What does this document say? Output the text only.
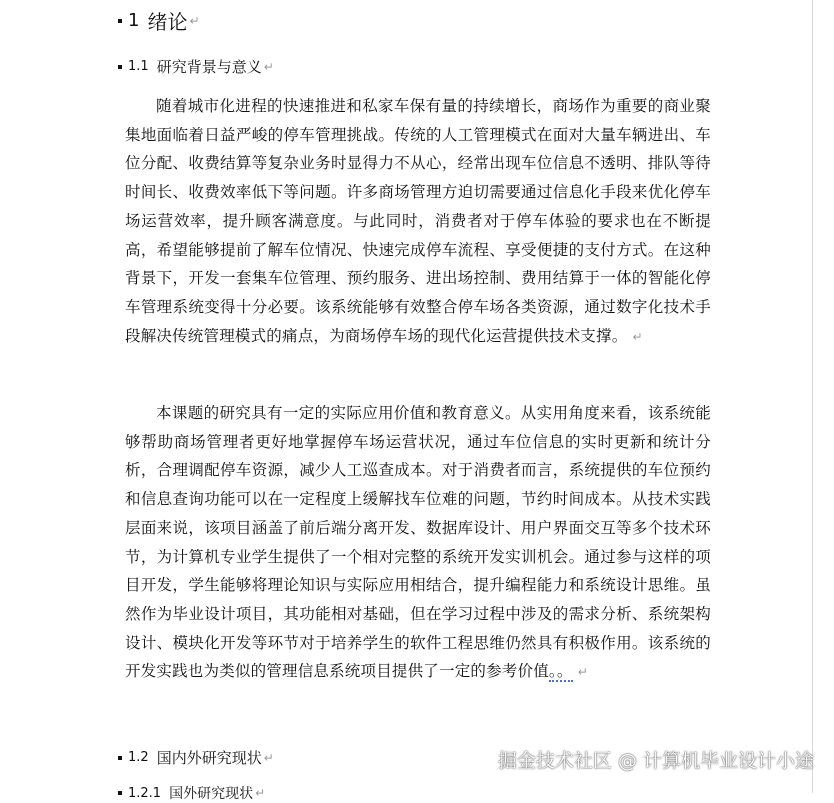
1 绪论 ↵
1.1 研究背景与意义 ↵
随着城市化进程的快速推进和私家车保有量的持续增长，商场作为重要的商业聚集地面临着日益严峻的停车管理挑战。传统的人工管理模式在面对大量车辆进出、车位分配、收费结算等复杂业务时显得力不从心，经常出现车位信息不透明、排队等待时间长、收费效率低下等问题。许多商场管理方迫切需要通过信息化手段来优化停车场运营效率，提升顾客满意度。与此同时，消费者对于停车体验的要求也在不断提高，希望能够提前了解车位情况、快速完成停车流程、享受便捷的支付方式。在这种背景下，开发一套集车位管理、预约服务、进出场控制、费用结算于一体的智能化停车管理系统变得十分必要。该系统能够有效整合停车场各类资源，通过数字化技术手段解决传统管理模式的痛点，为商场停车场的现代化运营提供技术支撑。 ↵
本课题的研究具有一定的实际应用价值和教育意义。从实用角度来看，该系统能够帮助商场管理者更好地掌握停车场运营状况，通过车位信息的实时更新和统计分析，合理调配停车资源，减少人工巡查成本。对于消费者而言，系统提供的车位预约和信息查询功能可以在一定程度上缓解找车位难的问题，节约时间成本。从技术实践层面来说，该项目涵盖了前后端分离开发、数据库设计、用户界面交互等多个技术环节，为计算机专业学生提供了一个相对完整的系统开发实训机会。通过参与这样的项目开发，学生能够将理论知识与实际应用相结合，提升编程能力和系统设计思维。虽然作为毕业设计项目，其功能相对基础，但在学习过程中涉及的需求分析、系统架构设计、模块化开发等环节对于培养学生的软件工程思维仍然具有积极作用。该系统的开发实践也为类似的管理信息系统项目提供了一定的参考价值。。 ↵
1.2 国内外研究现状 ↵
1.2.1 国外研究现状 ↵
掘金技术社区 @ 计算机毕业设计小途
